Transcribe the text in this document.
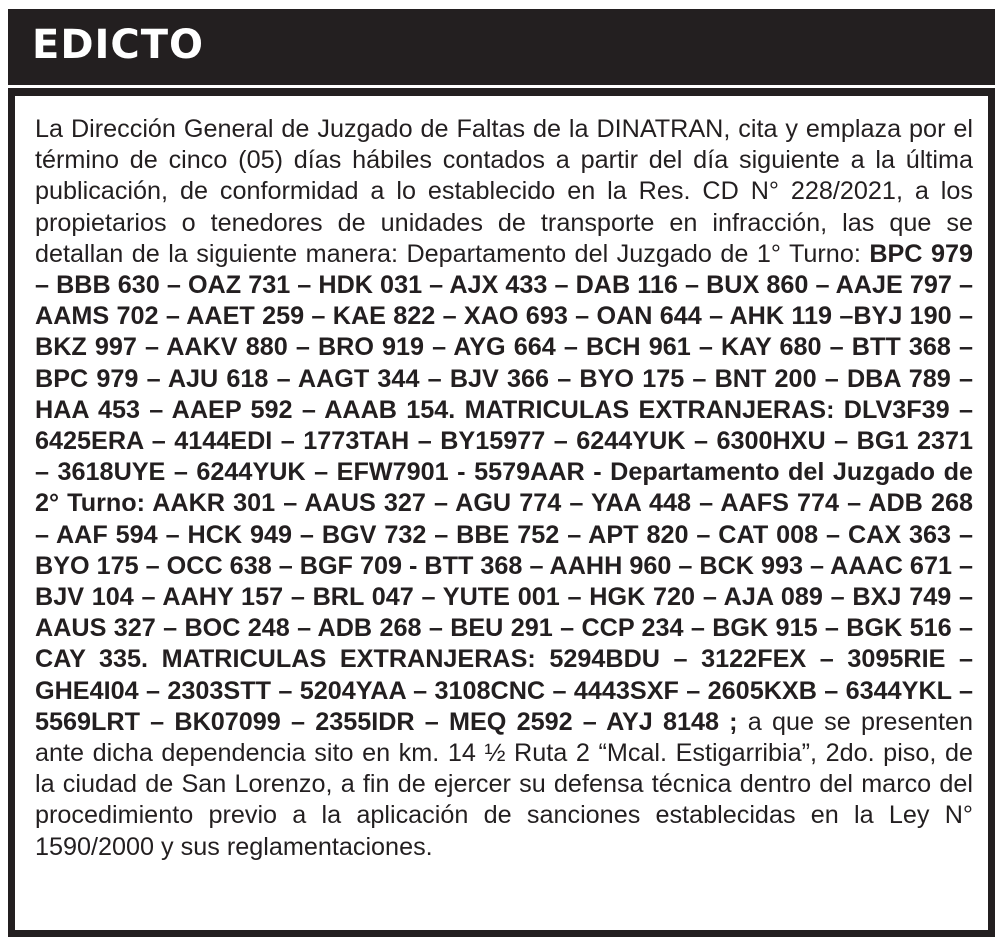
EDICTO

La Dirección General de Juzgado de Faltas de la DINATRAN, cita y emplaza por el término de cinco (05) días hábiles contados a partir del día siguiente a la última publicación, de conformidad a lo establecido en la Res. CD N° 228/2021, a los propietarios o tenedores de unidades de transporte en infracción, las que se detallan de la siguiente manera: Departamento del Juzgado de 1° Turno: BPC 979 – BBB 630 – OAZ 731 – HDK 031 – AJX 433 – DAB 116 – BUX 860 – AAJE 797 – AAMS 702 – AAET 259 – KAE 822 – XAO 693 – OAN 644 – AHK 119 –BYJ 190 – BKZ 997 – AAKV 880 – BRO 919 – AYG 664 – BCH 961 – KAY 680 – BTT 368 – BPC 979 – AJU 618 – AAGT 344 – BJV 366 – BYO 175 – BNT 200 – DBA 789 – HAA 453 – AAEP 592 – AAAB 154. MATRICULAS EXTRANJERAS: DLV3F39 – 6425ERA – 4144EDI – 1773TAH – BY15977 – 6244YUK – 6300HXU – BG1 2371 – 3618UYE – 6244YUK – EFW7901 - 5579AAR - Departamento del Juzgado de 2° Turno: AAKR 301 – AAUS 327 – AGU 774 – YAA 448 – AAFS 774 – ADB 268 – AAF 594 – HCK 949 – BGV 732 – BBE 752 – APT 820 – CAT 008 – CAX 363 – BYO 175 – OCC 638 – BGF 709 - BTT 368 – AAHH 960 – BCK 993 – AAAC 671 – BJV 104 – AAHY 157 – BRL 047 – YUTE 001 – HGK 720 – AJA 089 – BXJ 749 – AAUS 327 – BOC 248 – ADB 268 – BEU 291 – CCP 234 – BGK 915 – BGK 516 – CAY 335. MATRICULAS EXTRANJERAS: 5294BDU – 3122FEX – 3095RIE – GHE4I04 – 2303STT – 5204YAA – 3108CNC – 4443SXF – 2605KXB – 6344YKL – 5569LRT – BK07099 – 2355IDR – MEQ 2592 – AYJ 8148 ; a que se presenten ante dicha dependencia sito en km. 14 ½ Ruta 2 “Mcal. Estigarribia”, 2do. piso, de la ciudad de San Lorenzo, a fin de ejercer su defensa técnica dentro del marco del procedimiento previo a la aplicación de sanciones establecidas en la Ley N° 1590/2000 y sus reglamentaciones.
